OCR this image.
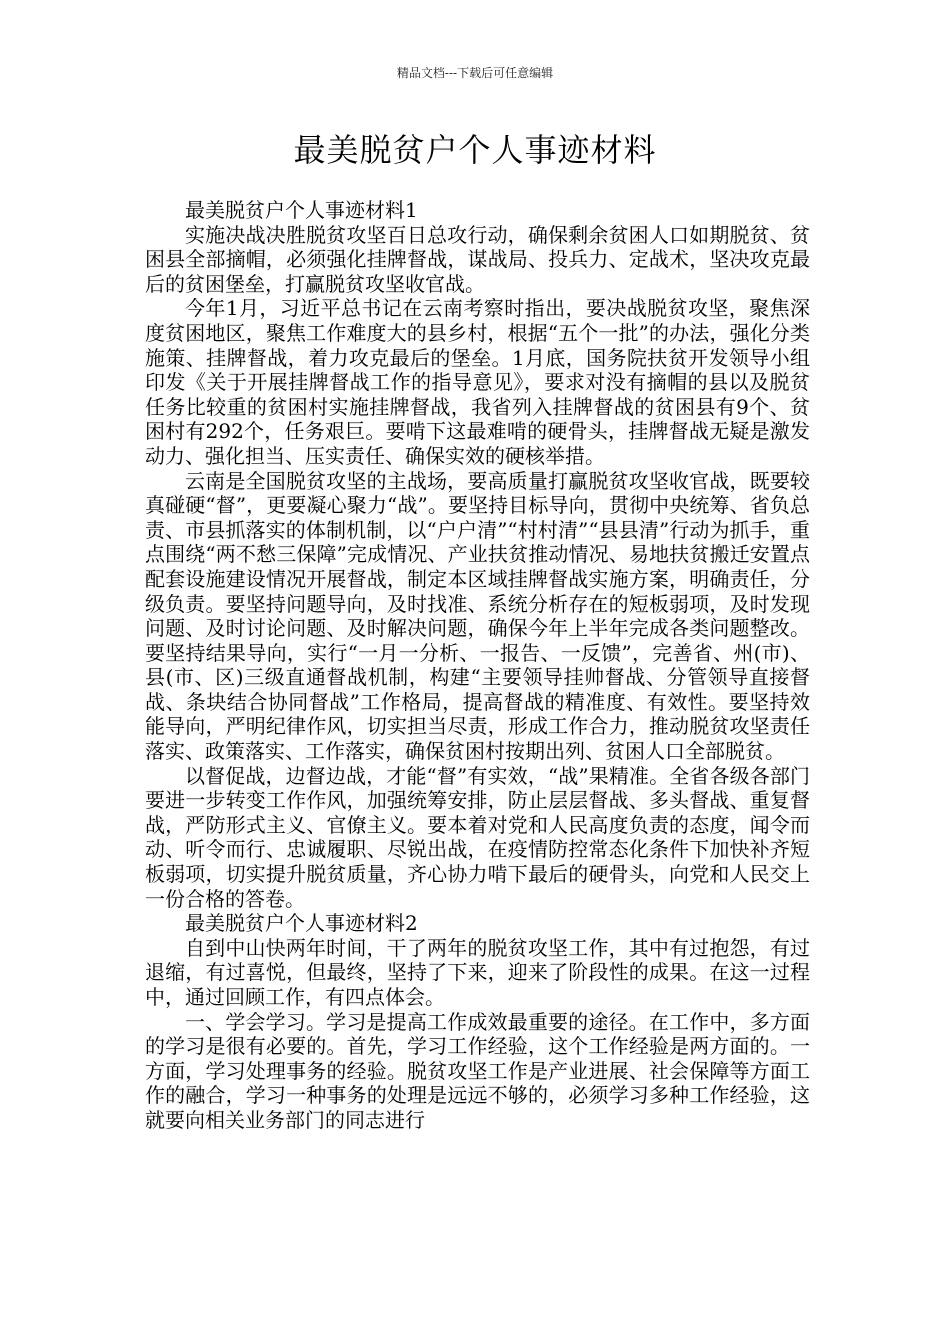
精品文档---下载后可任意编辑
最美脱贫户个人事迹材料

最美脱贫户个人事迹材料1

实施决战决胜脱贫攻坚百日总攻行动，确保剩余贫困人口如期脱贫、贫困县全部摘帽，必须强化挂牌督战，谋战局、投兵力、定战术，坚决攻克最后的贫困堡垒，打赢脱贫攻坚收官战。

今年1月，习近平总书记在云南考察时指出，要决战脱贫攻坚，聚焦深度贫困地区，聚焦工作难度大的县乡村，根据“五个一批”的办法，强化分类施策、挂牌督战，着力攻克最后的堡垒。1月底，国务院扶贫开发领导小组印发《关于开展挂牌督战工作的指导意见》，要求对没有摘帽的县以及脱贫任务比较重的贫困村实施挂牌督战，我省列入挂牌督战的贫困县有9个、贫困村有292个，任务艰巨。要啃下这最难啃的硬骨头，挂牌督战无疑是激发动力、强化担当、压实责任、确保实效的硬核举措。

云南是全国脱贫攻坚的主战场，要高质量打赢脱贫攻坚收官战，既要较真碰硬“督”，更要凝心聚力“战”。要坚持目标导向，贯彻中央统筹、省负总责、市县抓落实的体制机制，以“户户清”“村村清”“县县清”行动为抓手，重点围绕“两不愁三保障”完成情况、产业扶贫推动情况、易地扶贫搬迁安置点配套设施建设情况开展督战，制定本区域挂牌督战实施方案，明确责任，分级负责。要坚持问题导向，及时找准、系统分析存在的短板弱项，及时发现问题、及时讨论问题、及时解决问题，确保今年上半年完成各类问题整改。要坚持结果导向，实行“一月一分析、一报告、一反馈”，完善省、州(市)、县(市、区)三级直通督战机制，构建“主要领导挂帅督战、分管领导直接督战、条块结合协同督战”工作格局，提高督战的精准度、有效性。要坚持效能导向，严明纪律作风，切实担当尽责，形成工作合力，推动脱贫攻坚责任落实、政策落实、工作落实，确保贫困村按期出列、贫困人口全部脱贫。

以督促战，边督边战，才能“督”有实效，“战”果精准。全省各级各部门要进一步转变工作作风，加强统筹安排，防止层层督战、多头督战、重复督战，严防形式主义、官僚主义。要本着对党和人民高度负责的态度，闻令而动、听令而行、忠诚履职、尽锐出战，在疫情防控常态化条件下加快补齐短板弱项，切实提升脱贫质量，齐心协力啃下最后的硬骨头，向党和人民交上一份合格的答卷。

最美脱贫户个人事迹材料2

自到中山快两年时间，干了两年的脱贫攻坚工作，其中有过抱怨，有过退缩，有过喜悦，但最终，坚持了下来，迎来了阶段性的成果。在这一过程中，通过回顾工作，有四点体会。

一、学会学习。学习是提高工作成效最重要的途径。在工作中，多方面的学习是很有必要的。首先，学习工作经验，这个工作经验是两方面的。一方面，学习处理事务的经验。脱贫攻坚工作是产业进展、社会保障等方面工作的融合，学习一种事务的处理是远远不够的，必须学习多种工作经验，这就要向相关业务部门的同志进行
